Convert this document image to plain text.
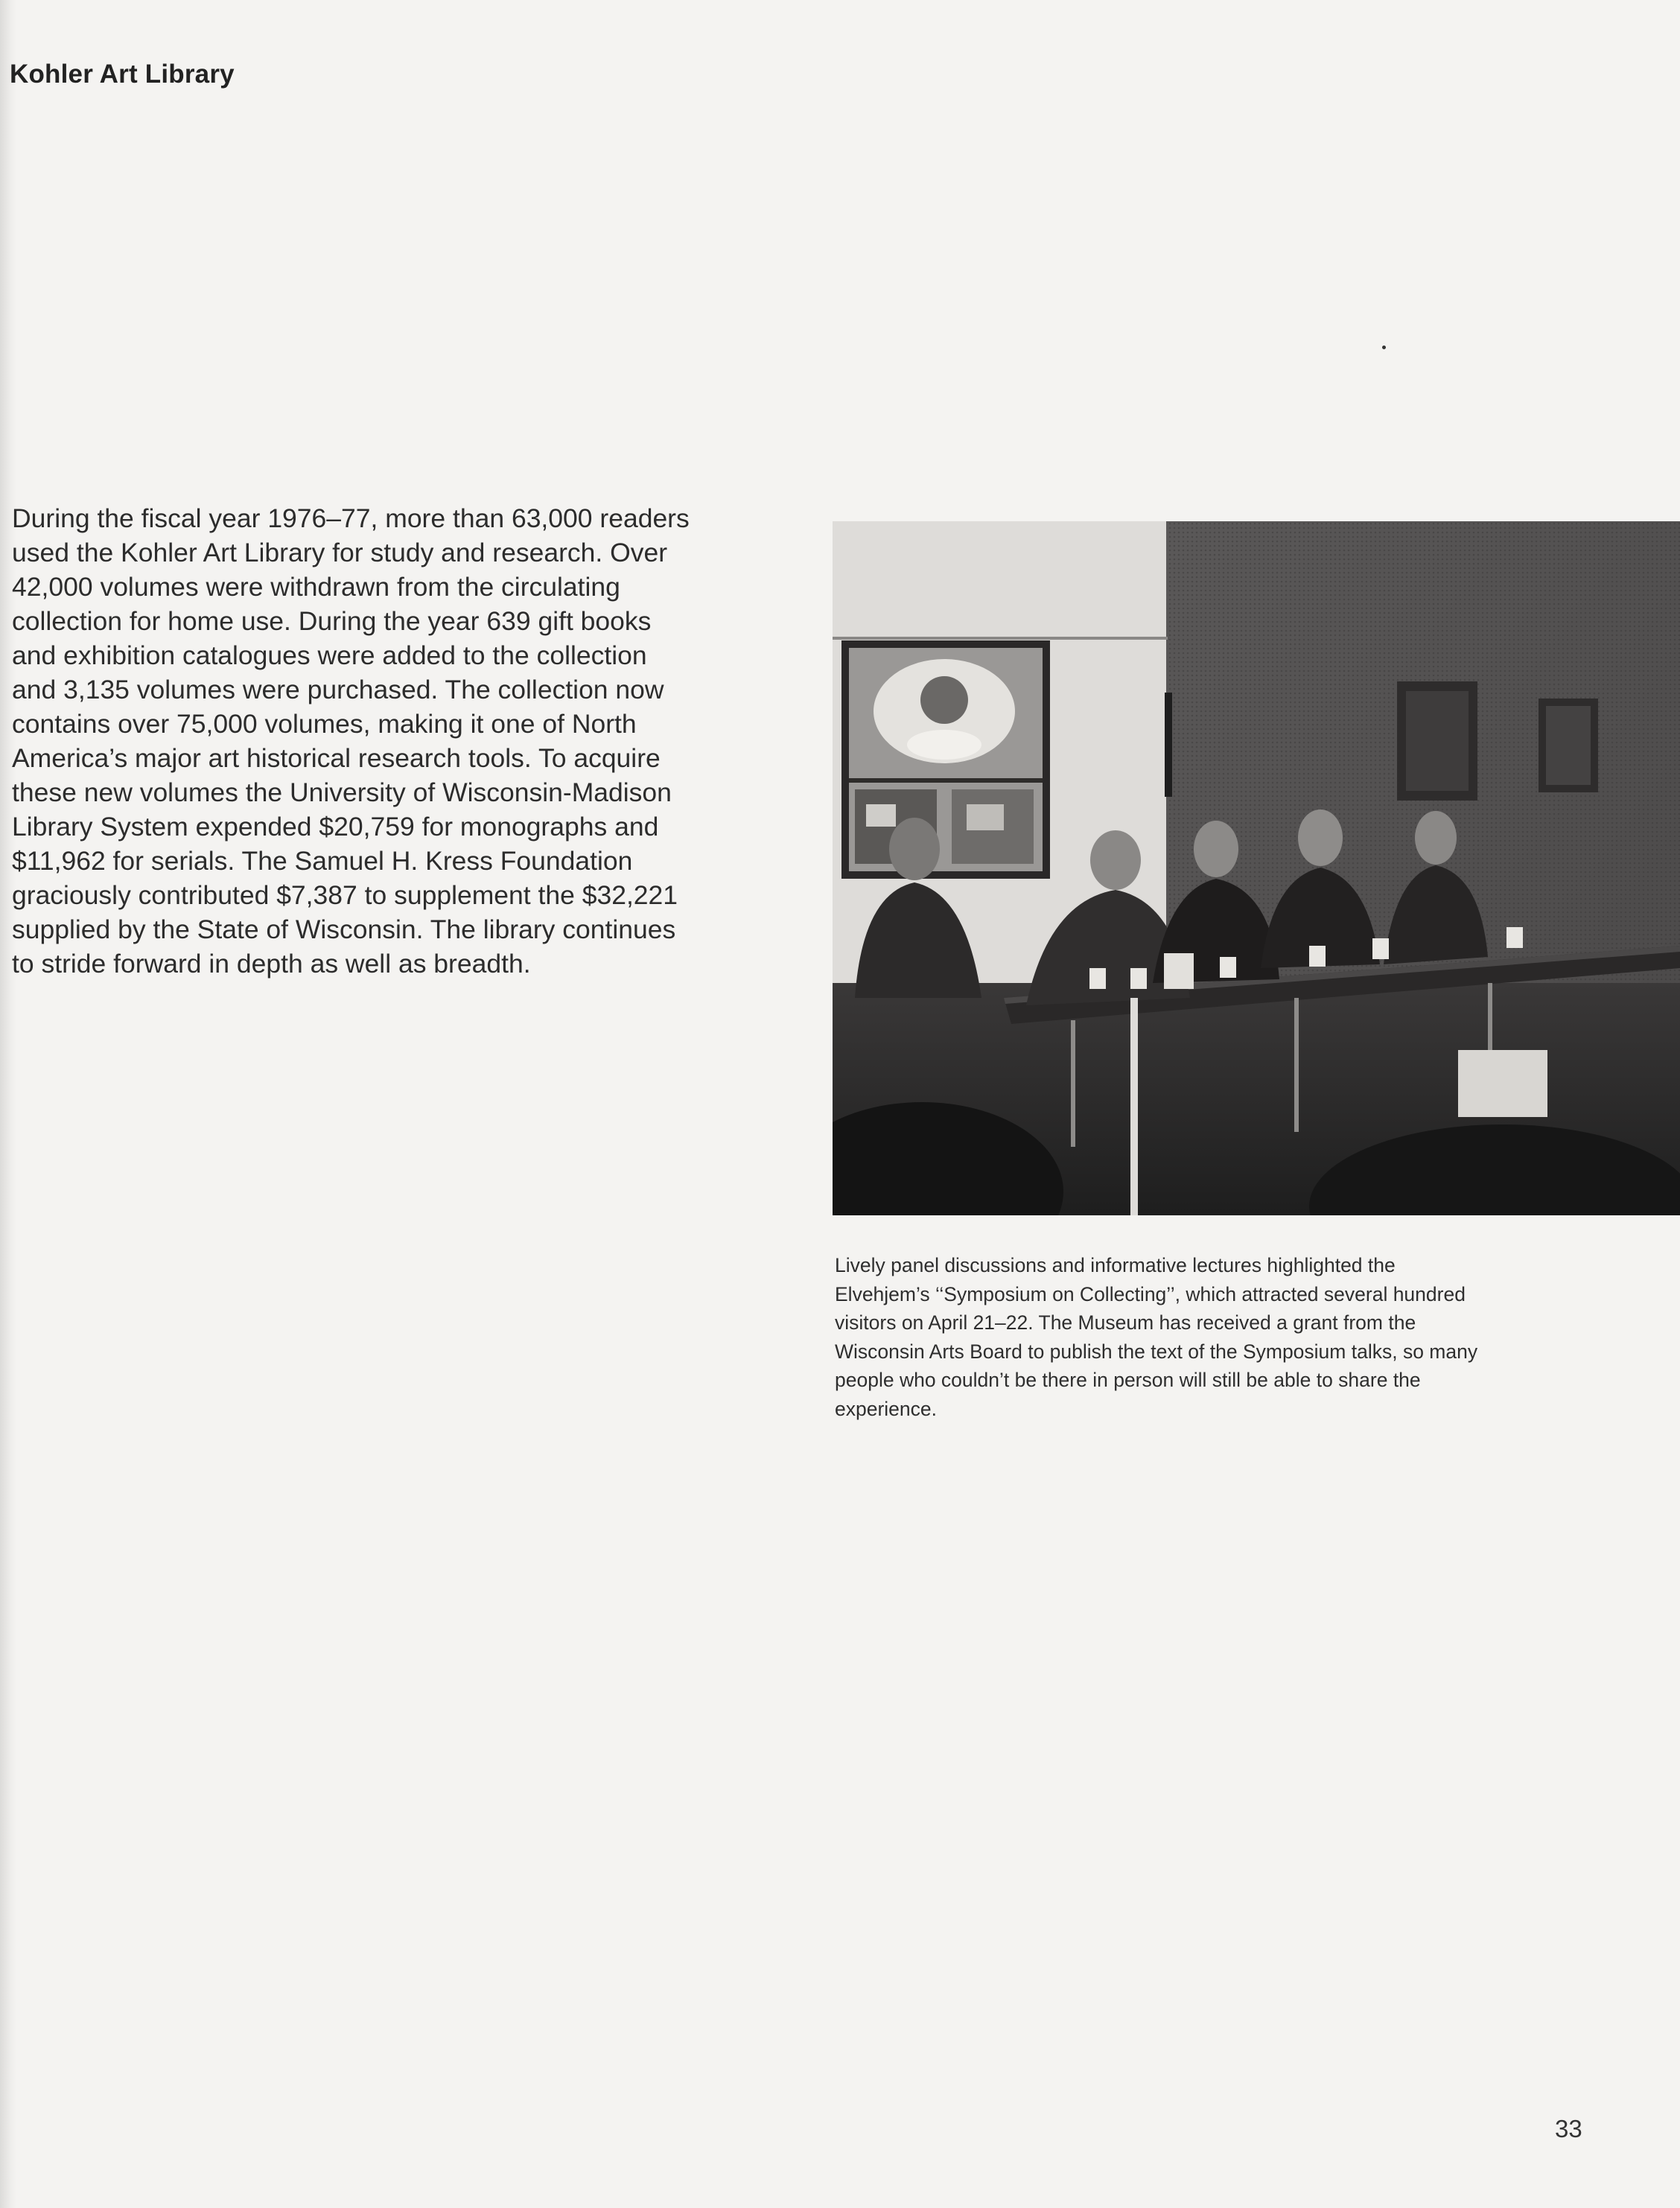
Kohler Art Library

During the fiscal year 1976–77, more than 63,000 readers
used the Kohler Art Library for study and research. Over
42,000 volumes were withdrawn from the circulating
collection for home use. During the year 639 gift books
and exhibition catalogues were added to the collection
and 3,135 volumes were purchased. The collection now
contains over 75,000 volumes, making it one of North
America’s major art historical research tools. To acquire
these new volumes the University of Wisconsin-Madison
Library System expended $20,759 for monographs and
$11,962 for serials. The Samuel H. Kress Foundation
graciously contributed $7,387 to supplement the $32,221
supplied by the State of Wisconsin. The library continues
to stride forward in depth as well as breadth.

Lively panel discussions and informative lectures highlighted the
Elvehjem’s ‘‘Symposium on Collecting’’, which attracted several hundred
visitors on April 21–22. The Museum has received a grant from the
Wisconsin Arts Board to publish the text of the Symposium talks, so many
people who couldn’t be there in person will still be able to share the
experience.

33
